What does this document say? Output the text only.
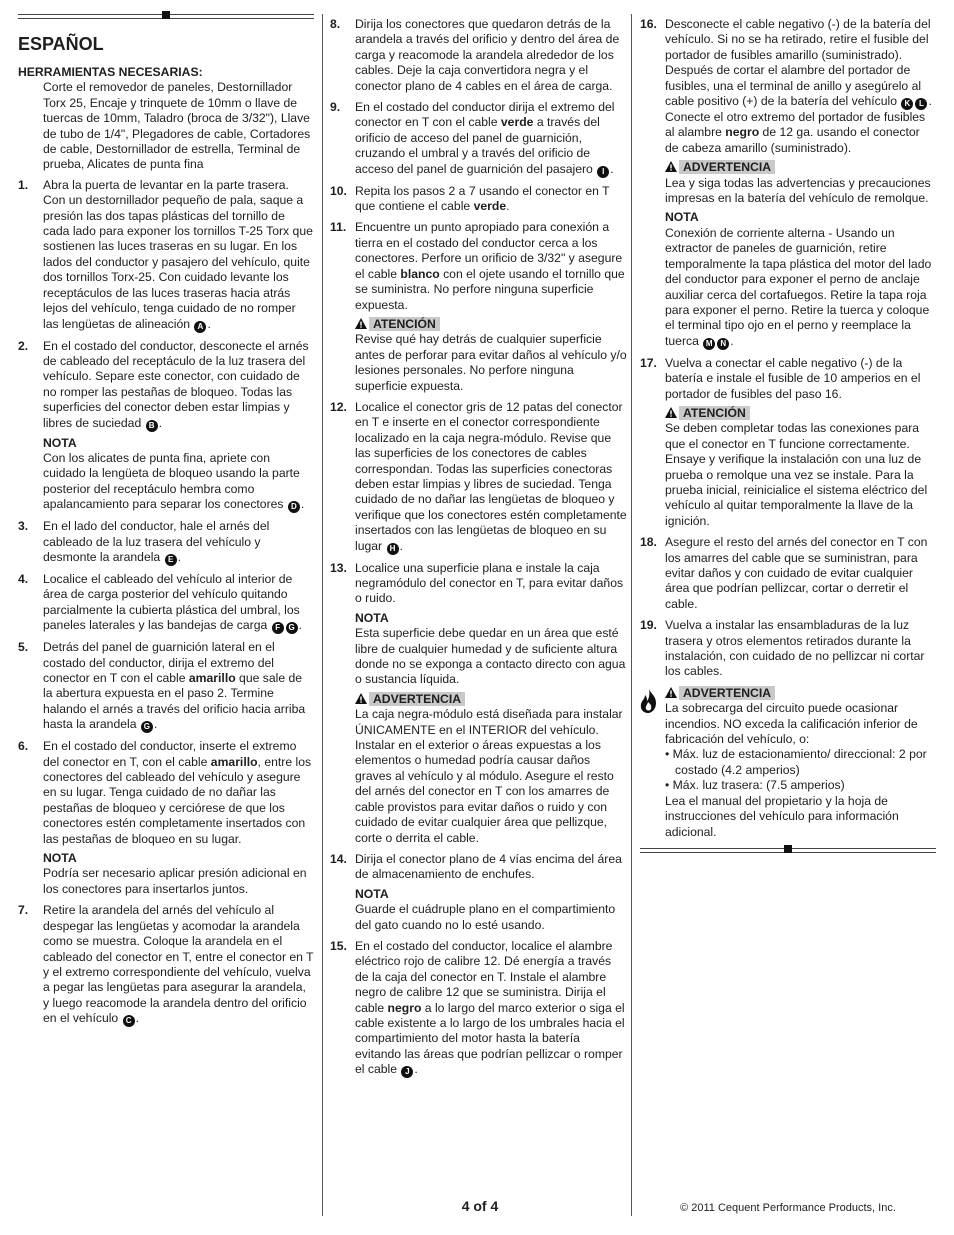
ESPAÑOL
HERRAMIENTAS NECESARIAS:
Corte el removedor de paneles, Destornillador Torx 25, Encaje y trinquete de 10mm o llave de tuercas de 10mm, Taladro (broca de 3/32"), Llave de tubo de 1/4", Plegadores de cable, Cortadores de cable, Destornillador de estrella, Terminal de prueba, Alicates de punta fina
1.	Abra la puerta de levantar en la parte trasera. Con un destornillador pequeño de pala, saque a presión las dos tapas plásticas del tornillo de cada lado para exponer los tornillos T-25 Torx que sostienen las luces traseras en su lugar. En los lados del conductor y pasajero del vehículo, quite dos tornillos Torx-25. Con cuidado levante los receptáculos de las luces traseras hacia atrás lejos del vehículo, tenga cuidado de no romper las lengüetas de alineación A .

2.	En el costado del conductor, desconecte el arnés de cableado del receptáculo de la luz trasera del vehículo. Separe este conector, con cuidado de no romper las pestañas de bloqueo. Todas las superficies del conector deben estar limpias y libres de suciedad B .

NOTA

Con los alicates de punta fina, apriete con cuidado la lengüeta de bloqueo usando la parte posterior del receptáculo hembra como apalancamiento para separar los conectores D .

3.	En el lado del conductor, hale el arnés del cableado de la luz trasera del vehículo y desmonte la arandela E .

4.	Localice el cableado del vehículo al interior de área de carga posterior del vehículo quitando parcialmente la cubierta plástica del umbral, los paneles laterales y las bandejas de carga F G .

5.	Detrás del panel de guarnición lateral en el costado del conductor, dirija el extremo del conector en T con el cable amarillo que sale de la abertura expuesta en el paso 2. Termine halando el arnés a través del orificio hacia arriba hasta la arandela G .

6.	En el costado del conductor, inserte el extremo del conector en T, con el cable amarillo, entre los conectores del cableado del vehículo y asegure en su lugar. Tenga cuidado de no dañar las pestañas de bloqueo y cerciórese de que los conectores estén completamente insertados con las pestañas de bloqueo en su lugar.

NOTA

Podría ser necesario aplicar presión adicional en los conectores para insertarlos juntos.

7.	Retire la arandela del arnés del vehículo al despegar las lengüetas y acomodar la arandela como se muestra. Coloque la arandela en el cableado del conector en T, entre el conector en T y el extremo correspondiente del vehículo, vuelva a pegar las lengüetas para asegurar la arandela, y luego reacomode la arandela dentro del orificio en el vehículo C .

8.	Dirija los conectores que quedaron detrás de la arandela a través del orificio y dentro del área de carga y reacomode la arandela alrededor de los cables. Deje la caja convertidora negra y el conector plano de 4 cables en el área de carga.

9.	En el costado del conductor dirija el extremo del conector en T con el cable verde a través del orificio de acceso del panel de guarnición, cruzando el umbral y a través del orificio de acceso del panel de guarnición del pasajero I .

10. Repita los pasos 2 a 7 usando el conector en T que contiene el cable verde.

11. Encuentre un punto apropiado para conexión a tierra en el costado del conductor cerca a los conectores. Perfore un orificio de 3/32" y asegure el cable blanco con el ojete usando el tornillo que se suministra. No perfore ninguna superficie expuesta.

ATENCIÓN

Revise qué hay detrás de cualquier superficie antes de perforar para evitar daños al vehículo y/o lesiones personales. No perfore ninguna superficie expuesta.

12. Localice el conector gris de 12 patas del conector en T e inserte en el conector correspondiente localizado en la caja negra-módulo. Revise que las superficies de los conectores de cables correspondan. Todas las superficies conectoras deben estar limpias y libres de suciedad. Tenga cuidado de no dañar las lengüetas de bloqueo y verifique que los conectores estén completamente insertados con las lengüetas de bloqueo en su lugar H .

13. Localice una superficie plana e instale la caja negramódulo del conector en T, para evitar daños o ruido.

NOTA

Esta superficie debe quedar en un área que esté libre de cualquier humedad y de suficiente altura donde no se exponga a contacto directo con agua o sustancia líquida.

ADVERTENCIA

La caja negra-módulo está diseñada para instalar ÚNICAMENTE en el INTERIOR del vehículo. Instalar en el exterior o áreas expuestas a los elementos o humedad podría causar daños graves al vehículo y al módulo. Asegure el resto del arnés del conector en T con los amarres de cable provistos para evitar daños o ruido y con cuidado de evitar cualquier área que pellizque, corte o derrita el cable.

14. Dirija el conector plano de 4 vías encima del área de almacenamiento de enchufes.

NOTA

Guarde el cuádruple plano en el compartimiento del gato cuando no lo esté usando.

15. En el costado del conductor, localice el alambre eléctrico rojo de calibre 12. Dé energía a través de la caja del conector en T. Instale el alambre negro de calibre 12 que se suministra. Dirija el cable negro a lo largo del marco exterior o siga el cable existente a lo largo de los umbrales hacia el compartimiento del motor hasta la batería evitando las áreas que podrían pellizcar o romper el cable J .

16. Desconecte el cable negativo (-) de la batería del vehículo. Si no se ha retirado, retire el fusible del portador de fusibles amarillo (suministrado). Después de cortar el alambre del portador de fusibles, una el terminal de anillo y asegúrelo al cable positivo (+) de la batería del vehículo K L . Conecte el otro extremo del portador de fusibles al alambre negro de 12 ga. usando el conector de cabeza amarillo (suministrado).

ADVERTENCIA

Lea y siga todas las advertencias y precauciones impresas en la batería del vehículo de remolque.

NOTA

Conexión de corriente alterna - Usando un extractor de paneles de guarnición, retire temporalmente la tapa plástica del motor del lado del conductor para exponer el perno de anclaje auxiliar cerca del cortafuegos. Retire la tapa roja para exponer el perno. Retire la tuerca y coloque el terminal tipo ojo en el perno y reemplace la tuerca M N .

17. Vuelva a conectar el cable negativo (-) de la batería e instale el fusible de 10 amperios en el portador de fusibles del paso 16.

ATENCIÓN

Se deben completar todas las conexiones para que el conector en T funcione correctamente. Ensaye y verifique la instalación con una luz de prueba o remolque una vez se instale. Para la prueba inicial, reinicialice el sistema eléctrico del vehículo al quitar temporalmente la llave de la ignición.

18. Asegure el resto del arnés del conector en T con los amarres del cable que se suministran, para evitar daños y con cuidado de evitar cualquier área que podrían pellizcar, cortar o derretir el cable.

19. Vuelva a instalar las ensambladuras de la luz trasera y otros elementos retirados durante la instalación, con cuidado de no pellizcar ni cortar los cables.

ADVERTENCIA

La sobrecarga del circuito puede ocasionar incendios. NO exceda la calificación inferior de fabricación del vehículo, o:

• Máx. luz de estacionamiento/ direccional: 2 por costado (4.2 amperios)

• Máx. luz trasera: (7.5 amperios)

Lea el manual del propietario y la hoja de instrucciones del vehículo para información adicional.

4 of 4	© 2011 Cequent Performance Products, Inc.
